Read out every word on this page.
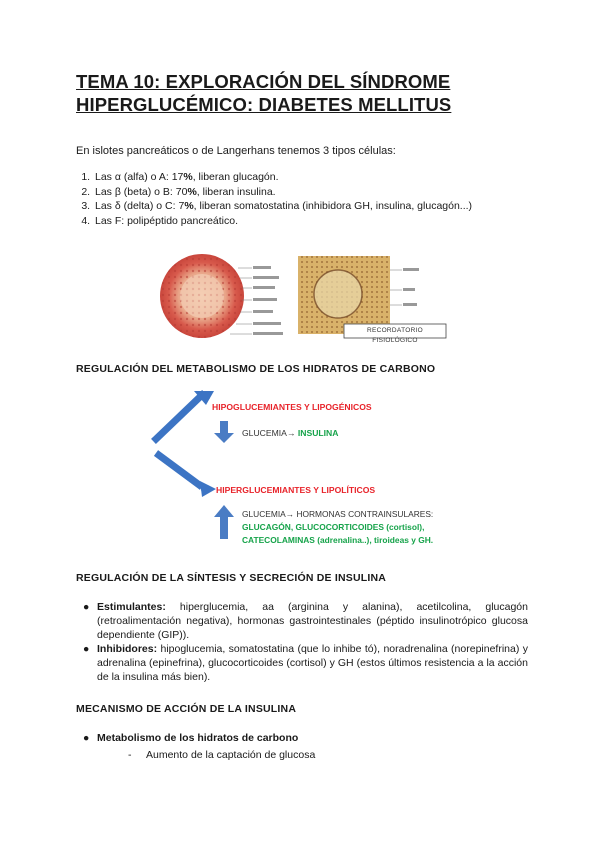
TEMA 10: EXPLORACIÓN DEL SÍNDROME
HIPERGLUCÉMICO: DIABETES MELLITUS
En islotes pancreáticos o de Langerhans tenemos 3 tipos células:
1. Las α (alfa) o A: 17%, liberan glucagón.
2. Las β (beta) o B: 70%, liberan insulina.
3. Las δ (delta) o C: 7%, liberan somatostatina (inhibidora GH, insulina, glucagón...)
4. Las F: polipéptido pancreático.
RECORDATORIO FISIOLÓGICO
REGULACIÓN DEL METABOLISMO DE LOS HIDRATOS DE CARBONO
HIPOGLUCEMIANTES Y LIPOGÉNICOS
GLUCEMIA→ INSULINA
HIPERGLUCEMIANTES Y LIPOLÍTICOS
GLUCEMIA→ HORMONAS CONTRAINSULARES:
GLUCAGÓN, GLUCOCORTICOIDES (cortisol),
CATECOLAMINAS (adrenalina..), tiroideas y GH.
REGULACIÓN DE LA SÍNTESIS Y SECRECIÓN DE INSULINA
● Estimulantes: hiperglucemia, aa (arginina y alanina), acetilcolina, glucagón (retroalimentación negativa), hormonas gastrointestinales (péptido insulinotrópico glucosa dependiente (GIP)).
● Inhibidores: hipoglucemia, somatostatina (que lo inhibe tó), noradrenalina (norepinefrina) y adrenalina (epinefrina), glucocorticoides (cortisol) y GH (estos últimos resistencia a la acción de la insulina más bien).
MECANISMO DE ACCIÓN DE LA INSULINA
● Metabolismo de los hidratos de carbono
- Aumento de la captación de glucosa
